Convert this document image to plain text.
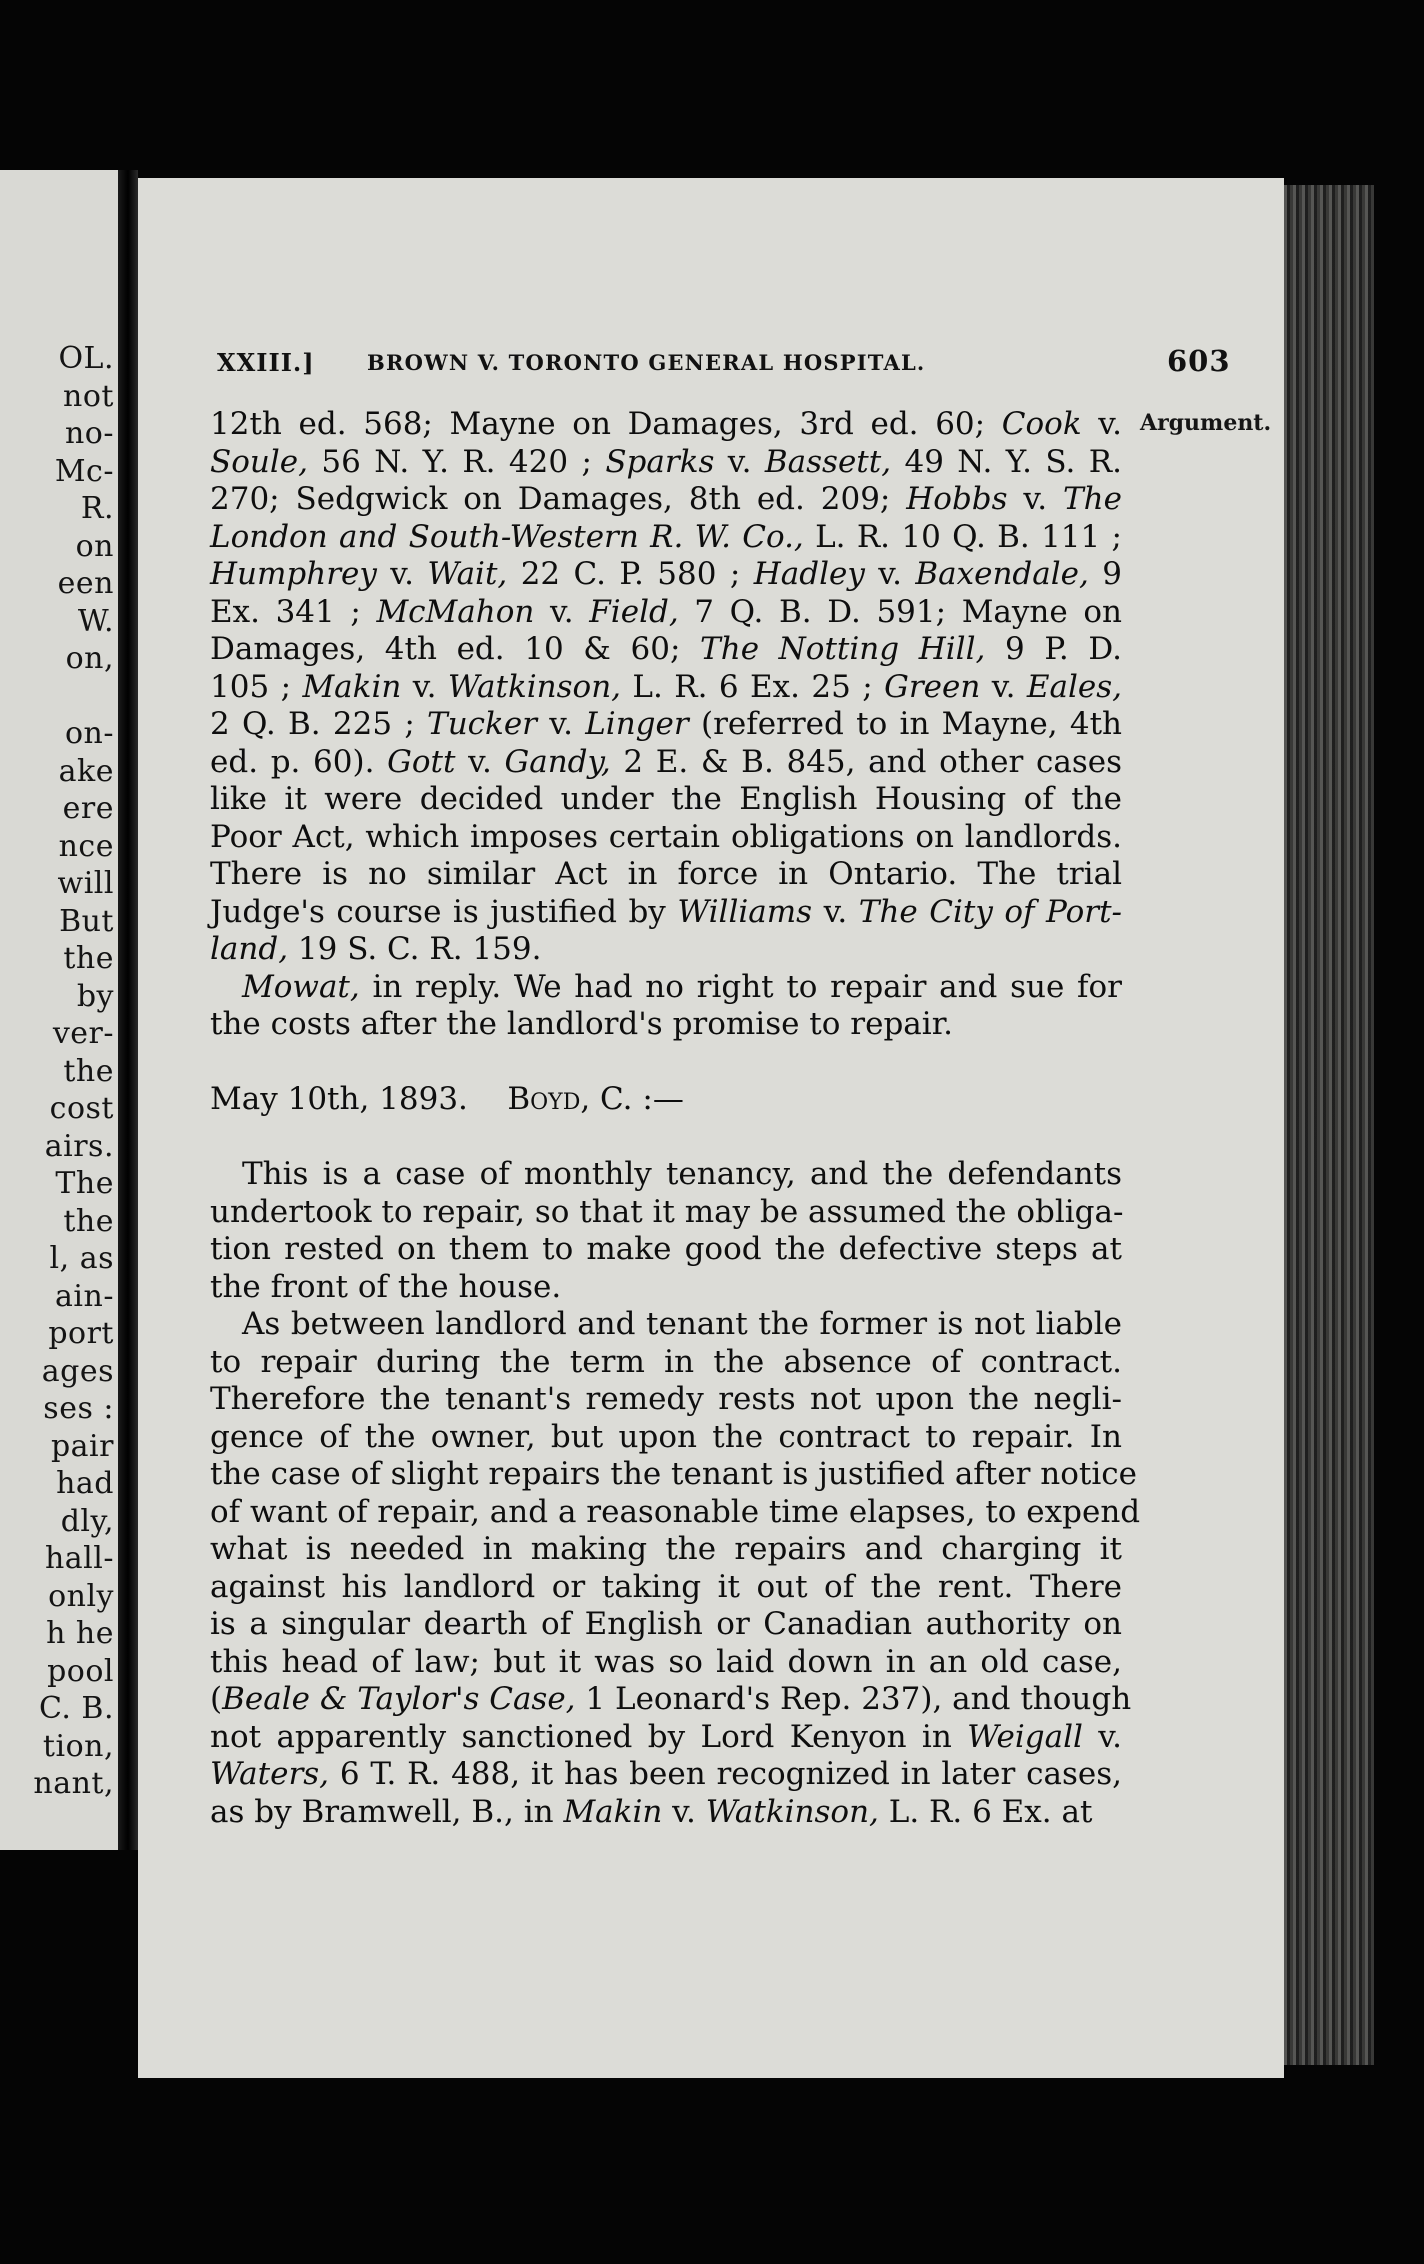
OL.
not
no-
Mc-
R.
on
een
W.
on,
on-
ake
ere
nce
will
But
the
by
ver-
the
cost
airs.
The
the
l, as
ain-
port
ages
ses :
pair
had
dly,
hall-
only
h he
pool
C. B.
tion,
nant,
XXIII.] BROWN V. TORONTO GENERAL HOSPITAL.	603
Argument.
12th ed. 568; Mayne on Damages, 3rd ed. 60; Cook v.
Soule, 56 N. Y. R. 420 ; Sparks v. Bassett, 49 N. Y. S. R.
270; Sedgwick on Damages, 8th ed. 209; Hobbs v. The
London and South-Western R. W. Co., L. R. 10 Q. B. 111 ;
Humphrey v. Wait, 22 C. P. 580 ; Hadley v. Baxendale, 9
Ex. 341 ; McMahon v. Field, 7 Q. B. D. 591; Mayne on
Damages, 4th ed. 10 & 60; The Notting Hill, 9 P. D.
105 ; Makin v. Watkinson, L. R. 6 Ex. 25 ; Green v. Eales,
2 Q. B. 225 ; Tucker v. Linger (referred to in Mayne, 4th
ed. p. 60). Gott v. Gandy, 2 E. & B. 845, and other cases
like it were decided under the English Housing of the
Poor Act, which imposes certain obligations on landlords.
There is no similar Act in force in Ontario. The trial
Judge's course is justified by Williams v. The City of Port-
land, 19 S. C. R. 159.
Mowat, in reply. We had no right to repair and sue for
the costs after the landlord's promise to repair.
May 10th, 1893. Boyd, C. :—
This is a case of monthly tenancy, and the defendants
undertook to repair, so that it may be assumed the obliga-
tion rested on them to make good the defective steps at
the front of the house.
As between landlord and tenant the former is not liable
to repair during the term in the absence of contract.
Therefore the tenant's remedy rests not upon the negli-
gence of the owner, but upon the contract to repair. In
the case of slight repairs the tenant is justified after notice
of want of repair, and a reasonable time elapses, to expend
what is needed in making the repairs and charging it
against his landlord or taking it out of the rent. There
is a singular dearth of English or Canadian authority on
this head of law; but it was so laid down in an old case,
(Beale & Taylor's Case, 1 Leonard's Rep. 237), and though
not apparently sanctioned by Lord Kenyon in Weigall v.
Waters, 6 T. R. 488, it has been recognized in later cases,
as by Bramwell, B., in Makin v. Watkinson, L. R. 6 Ex. at
